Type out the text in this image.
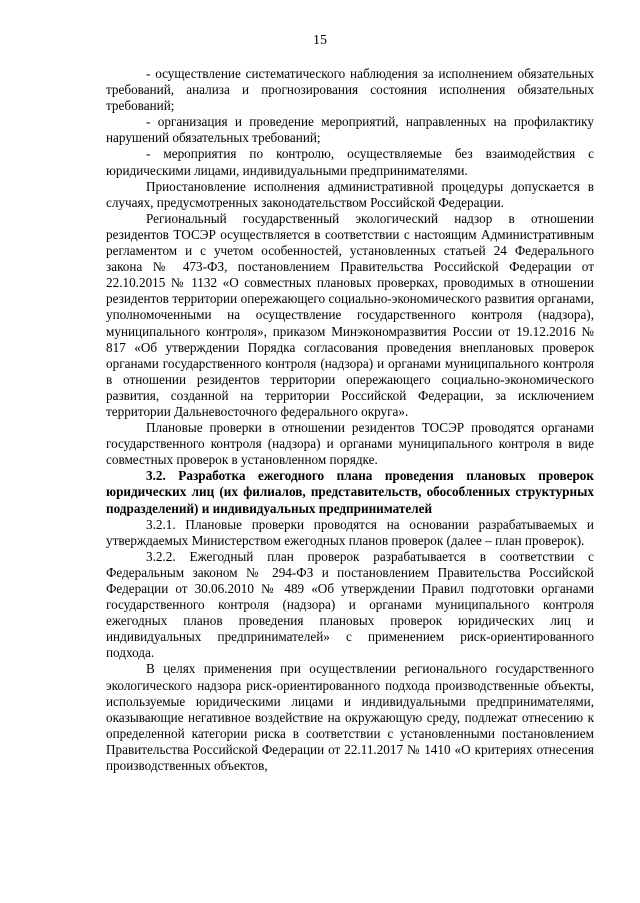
15

- осуществление систематического наблюдения за исполнением обязательных требований, анализа и прогнозирования состояния исполнения обязательных требований;

- организация и проведение мероприятий, направленных на профилактику нарушений обязательных требований;

- мероприятия по контролю, осуществляемые без взаимодействия с юридическими лицами, индивидуальными предпринимателями.

Приостановление исполнения административной процедуры допускается в случаях, предусмотренных законодательством Российской Федерации.

Региональный государственный экологический надзор в отношении резидентов ТОСЭР осуществляется в соответствии с настоящим Административным регламентом и с учетом особенностей, установленных статьей 24 Федерального закона № 473-ФЗ, постановлением Правительства Российской Федерации от 22.10.2015 № 1132 «О совместных плановых проверках, проводимых в отношении резидентов территории опережающего социально-экономического развития органами, уполномоченными на осуществление государственного контроля (надзора), муниципального контроля», приказом Минэкономразвития России от 19.12.2016 № 817 «Об утверждении Порядка согласования проведения внеплановых проверок органами государственного контроля (надзора) и органами муниципального контроля в отношении резидентов территории опережающего социально-экономического развития, созданной на территории Российской Федерации, за исключением территории Дальневосточного федерального округа».

Плановые проверки в отношении резидентов ТОСЭР проводятся органами государственного контроля (надзора) и органами муниципального контроля в виде совместных проверок в установленном порядке.

3.2. Разработка ежегодного плана проведения плановых проверок юридических лиц (их филиалов, представительств, обособленных структурных подразделений) и индивидуальных предпринимателей

3.2.1. Плановые проверки проводятся на основании разрабатываемых и утверждаемых Министерством ежегодных планов проверок (далее – план проверок).

3.2.2. Ежегодный план проверок разрабатывается в соответствии с Федеральным законом № 294-ФЗ и постановлением Правительства Российской Федерации от 30.06.2010 № 489 «Об утверждении Правил подготовки органами государственного контроля (надзора) и органами муниципального контроля ежегодных планов проведения плановых проверок юридических лиц и индивидуальных предпринимателей» с применением риск-ориентированного подхода.

В целях применения при осуществлении регионального государственного экологического надзора риск-ориентированного подхода производственные объекты, используемые юридическими лицами и индивидуальными предпринимателями, оказывающие негативное воздействие на окружающую среду, подлежат отнесению к определенной категории риска в соответствии с установленными постановлением Правительства Российской Федерации от 22.11.2017 № 1410 «О критериях отнесения производственных объектов,
